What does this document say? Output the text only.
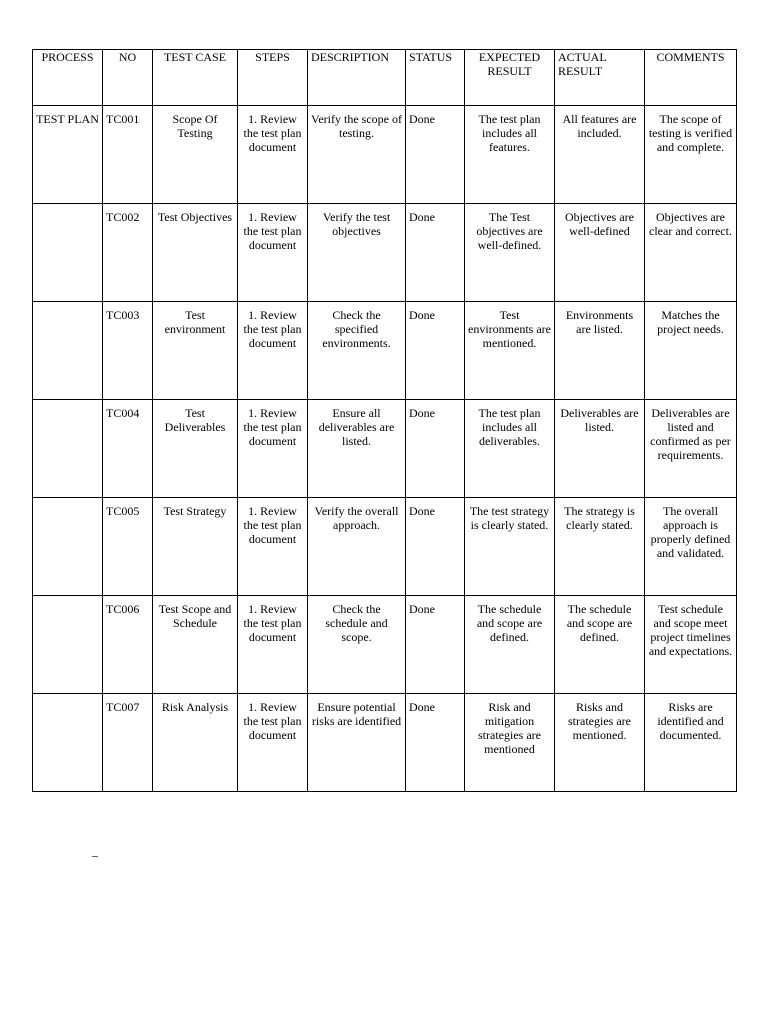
PROCESS	NO	TEST CASE	STEPS	DESCRIPTION	STATUS	EXPECTED RESULT	ACTUAL RESULT	COMMENTS
TEST PLAN	TC001	Scope Of Testing	1. Review the test plan document	Verify the scope of testing.	Done	The test plan includes all features.	All features are included.	The scope of testing is verified and complete.
	TC002	Test Objectives	1. Review the test plan document	Verify the test objectives	Done	The Test objectives are well-defined.	Objectives are well-defined	Objectives are clear and correct.
	TC003	Test environment	1. Review the test plan document	Check the specified environments.	Done	Test environments are mentioned.	Environments are listed.	Matches the project needs.
	TC004	Test Deliverables	1. Review the test plan document	Ensure all deliverables are listed.	Done	The test plan includes all deliverables.	Deliverables are listed.	Deliverables are listed and confirmed as per requirements.
	TC005	Test Strategy	1. Review the test plan document	Verify the overall approach.	Done	The test strategy is clearly stated.	The strategy is clearly stated.	The overall approach is properly defined and validated.
	TC006	Test Scope and Schedule	1. Review the test plan document	Check the schedule and scope.	Done	The schedule and scope are defined.	The schedule and scope are defined.	Test schedule and scope meet project timelines and expectations.
	TC007	Risk Analysis	1. Review the test plan document	Ensure potential risks are identified	Done	Risk and mitigation strategies are mentioned	Risks and strategies are mentioned.	Risks are identified and documented.
–
